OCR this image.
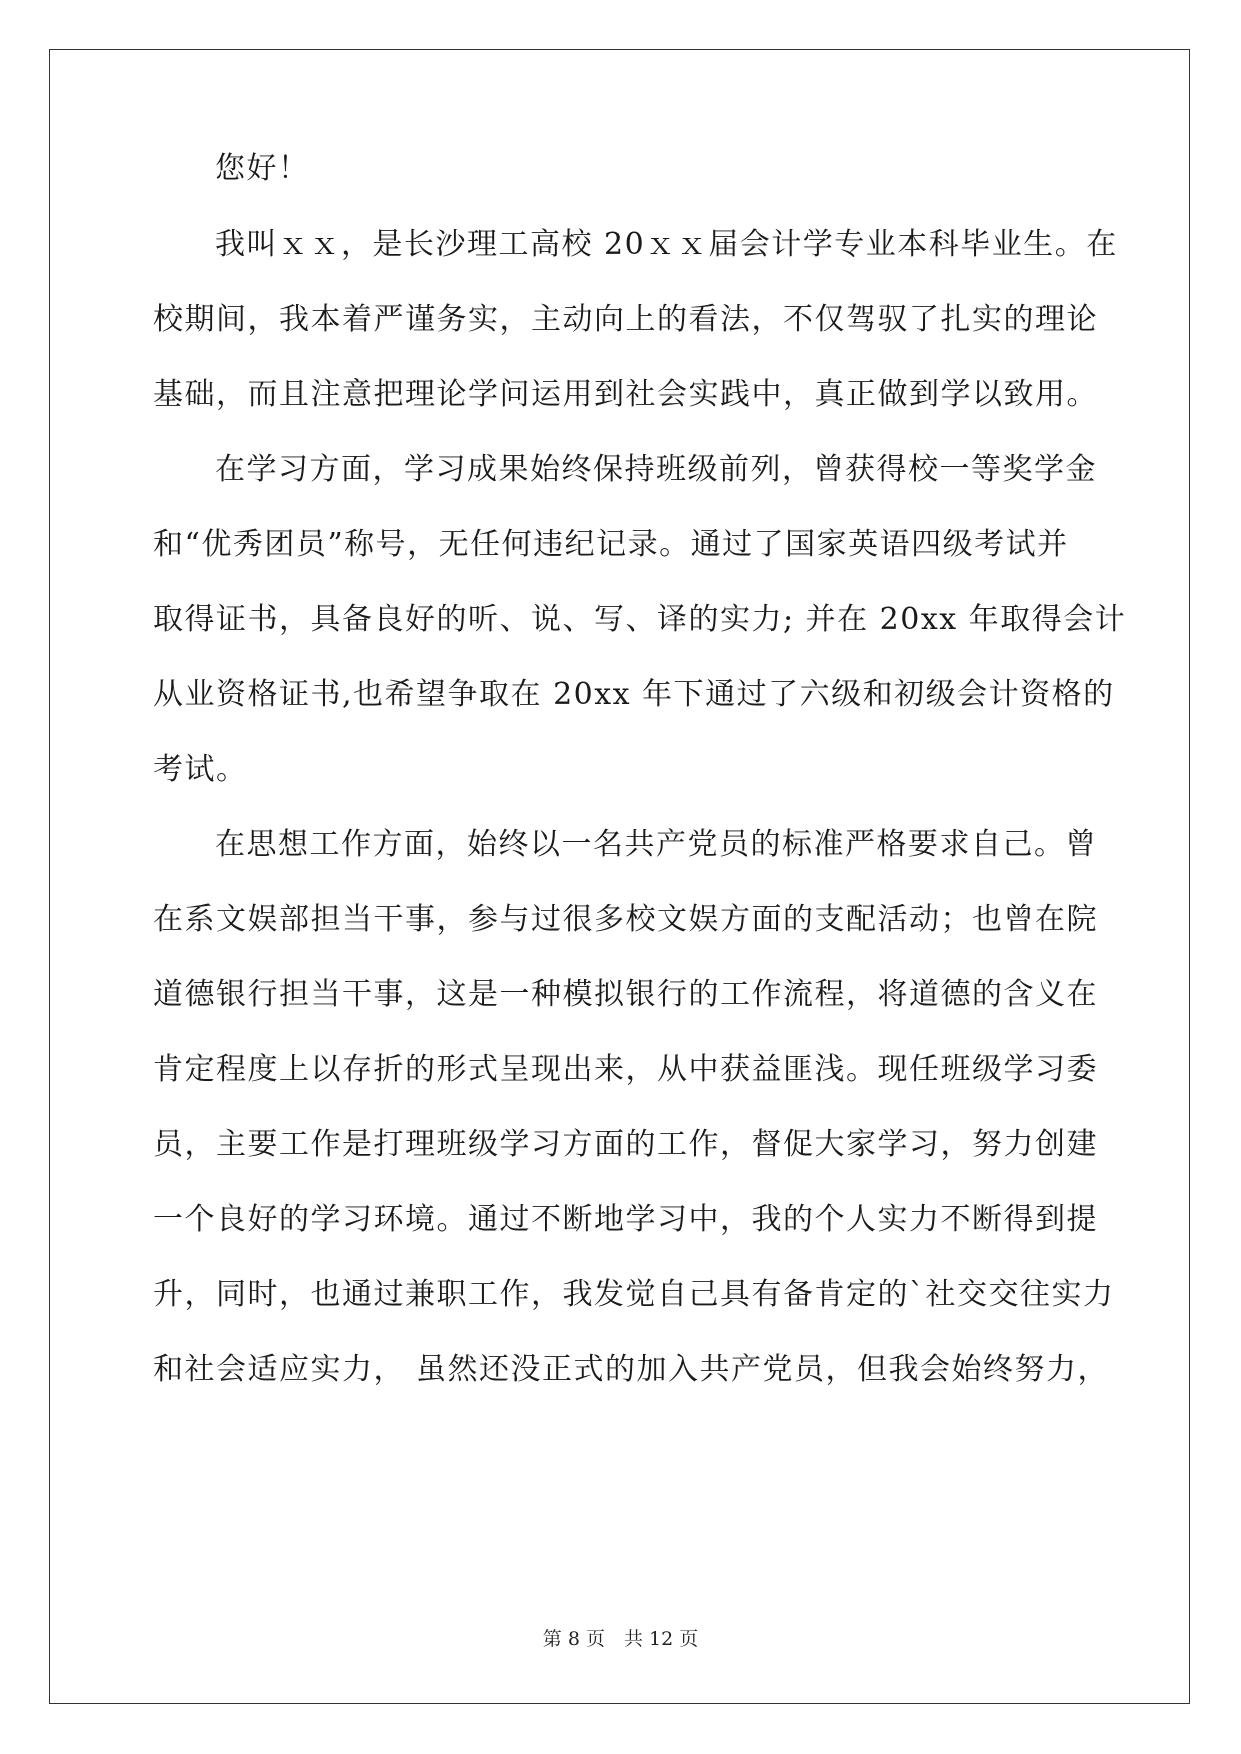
您好！
我叫ｘｘ，是长沙理工高校 20ｘｘ届会计学专业本科毕业生。在
校期间，我本着严谨务实，主动向上的看法，不仅驾驭了扎实的理论
基础，而且注意把理论学问运用到社会实践中，真正做到学以致用。
在学习方面，学习成果始终保持班级前列，曾获得校一等奖学金
和“优秀团员”称号，无任何违纪记录。通过了国家英语四级考试并
取得证书，具备良好的听、说、写、译的实力; 并在 20xx 年取得会计
从业资格证书,也希望争取在 20xx 年下通过了六级和初级会计资格的
考试。
在思想工作方面，始终以一名共产党员的标准严格要求自己。曾
在系文娱部担当干事，参与过很多校文娱方面的支配活动；也曾在院
道德银行担当干事，这是一种模拟银行的工作流程，将道德的含义在
肯定程度上以存折的形式呈现出来，从中获益匪浅。现任班级学习委
员，主要工作是打理班级学习方面的工作，督促大家学习，努力创建
一个良好的学习环境。通过不断地学习中，我的个人实力不断得到提
升，同时，也通过兼职工作，我发觉自己具有备肯定的`社交交往实力
和社会适应实力， 虽然还没正式的加入共产党员，但我会始终努力，
第 8 页　共 12 页
